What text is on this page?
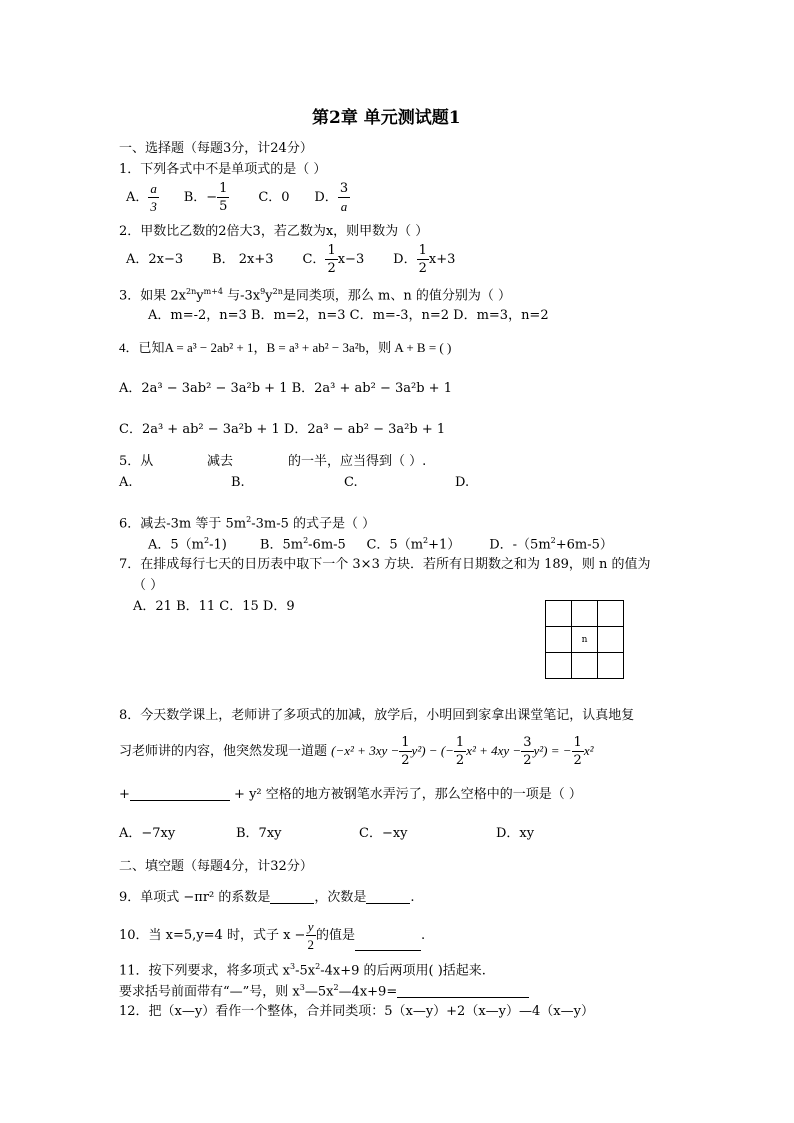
第2章 单元测试题1
一、选择题（每题3分，计24分）
1．下列各式中不是单项式的是（ ）
A． $\frac{a}{3}$ B．− $\frac{1}{5}$ C．0 D． $\frac{3}{a}$
2．甲数比乙数的2倍大3，若乙数为x，则甲数为（ ）
A．2x−3 B． 2x+3 C． $\frac{1}{2} x-3$ D． $\frac{1}{2} x+3$
3．如果 $2x^{2n}y^{m+4}$ 与$-3x^9y^{2n}$是同类项，那么 m、n 的值分别为（ ）
A．m=-2，n=3 B．m=2，n=3 C．m=-3，n=2 D．m=3，n=2
4．已知A = a³ − 2ab² + 1，B = a³ + ab² − 3a²b，则 A + B = ( )
A．2a³ − 3ab² − 3a²b + 1 B．2a³ + ab² − 3a²b + 1
C．2a³ + ab² − 3a²b + 1 D．2a³ − ab² − 3a²b + 1
5．从	减去	的一半，应当得到（ ）.
A.	B.	C.	D.
6．减去-3m 等于 $5m^2-3m-5$ 的式子是（ ）
A．$5(m^2-1)$	B．$5m^2-6m-5$ C．$5(m^2+1)$ D．$-(5m^2+6m-5)$
7．在排成每行七天的日历表中取下一个 3×3 方块．若所有日期数之和为 189，则 n 的值为
（ ）
A．21 B．11 C．15 D．9
n
8．今天数学课上，老师讲了多项式的加减，放学后，小明回到家拿出课堂笔记，认真地复
习老师讲的内容，他突然发现一道题 $(-x^2 + 3xy - \frac{1}{2} y^2)$ − (− $\frac{1}{2} x^2 + 4xy - \frac{3}{2} y^2$) = − $\frac{1}{2} x^2$
+	+ y² 空格的地方被钢笔水弄污了，那么空格中的一项是（ ）
A．−7xy	B．7xy	C．−xy	D．xy
二、填空题（每题4分，计32分）
9．单项式 −πr² 的系数是	，次数是	.
10．当 x=5,y=4 时，式子 $x - \frac{y}{2}$ 的值是	.
11．按下列要求，将多项式 $x^3-5x^2-4x+9$ 的后两项用( )括起来.
要求括号前面带有“—”号，则 $x^3—5x^2—4x+9=$
12．把（x—y）看作一个整体，合并同类项：5（x—y）+2（x—y）—4（x—y）
